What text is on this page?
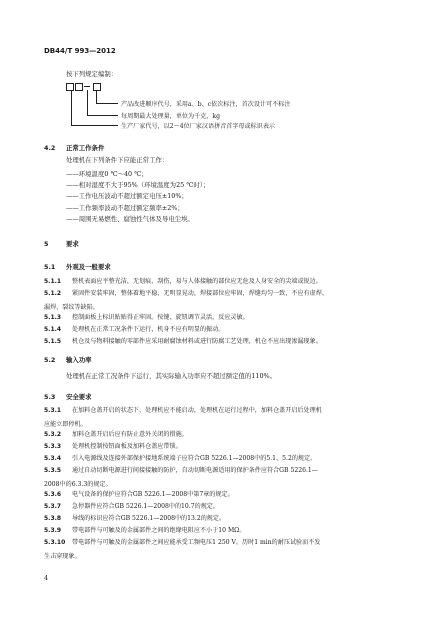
DB44/T 993—2012

按下列规定编制：

产品改进顺序代号，采用a、b、c依次标注，首次设计可不标注
每周期最大处理量，单位为千克，kg
生产厂家代号，以2～4位厂家汉语拼音首字母或标识表示
4.2 正常工作条件

处理机在下列条件下应能正常工作：

——环境温度0 ℃～40 ℃；

——相对湿度不大于95%（环境温度为25 ℃时）；

——工作电压波动不超过额定电压±10%；

——工作频率波动不超过额定频率±2%；

——周围无易燃性、腐蚀性气体及导电尘埃。

5	要求
5.1 外观及一般要求
5.1.1 整机表面应平整光洁，无划痕、刮伤，易与人体接触的部位应无危及人身安全的尖端或锐边。
5.1.2 紧固件安装牢固，整体着地平稳，无明显晃动，焊接部位应牢固，焊缝均匀一致，不应有虚焊、
漏焊、裂纹等缺陷。
5.1.3 控制面板上标识贴贴得正牢固。按键、旋钮调节灵活，反应灵敏。
5.1.4 处理机在正常工况条件下运行，机身不应有明显的振动。
5.1.5 机仓及与物料接触的零部件应采用耐腐蚀材料或进行防腐工艺处理，机仓不应出现渗漏现象。
5.2 输入功率

处理机在正常工况条件下运行，其实际输入功率应不超过额定值的110%。

5.3 安全要求
5.3.1 在加料仓盖开启的状态下，处理机应不能启动，处理机在运行过程中，加料仓盖开启后处理机
应能立即停机。
5.3.2 加料仓盖开启后应有防止意外关闭的措施。
5.3.3 处理机控制按钮面板及加料仓盖应带锁。
5.3.4 引入电源线及连接外部保护接地系统端子应符合GB 5226.1—2008中的5.1、5.2的规定。
5.3.5 通过自动切断电源进行间接接触的防护，自动切断电源适用的保护条件应符合GB 5226.1—
2008中的6.3.3的规定。
5.3.6 电气设备的保护应符合GB 5226.1—2008中第7章的规定。
5.3.7 急停器件应符合GB 5226.1—2008中的10.7的规定。
5.3.8 导线的标识应符合GB 5226.1—2008中的13.2的规定。
5.3.9 带电部件与可触及的金属部件之间的绝缘电阻应不小于10 MΩ。
5.3.10 带电部件与可触及的金属部件之间应能承受工频电压1 250 V，历时1 min的耐压试验而不发
生击穿现象。
4
